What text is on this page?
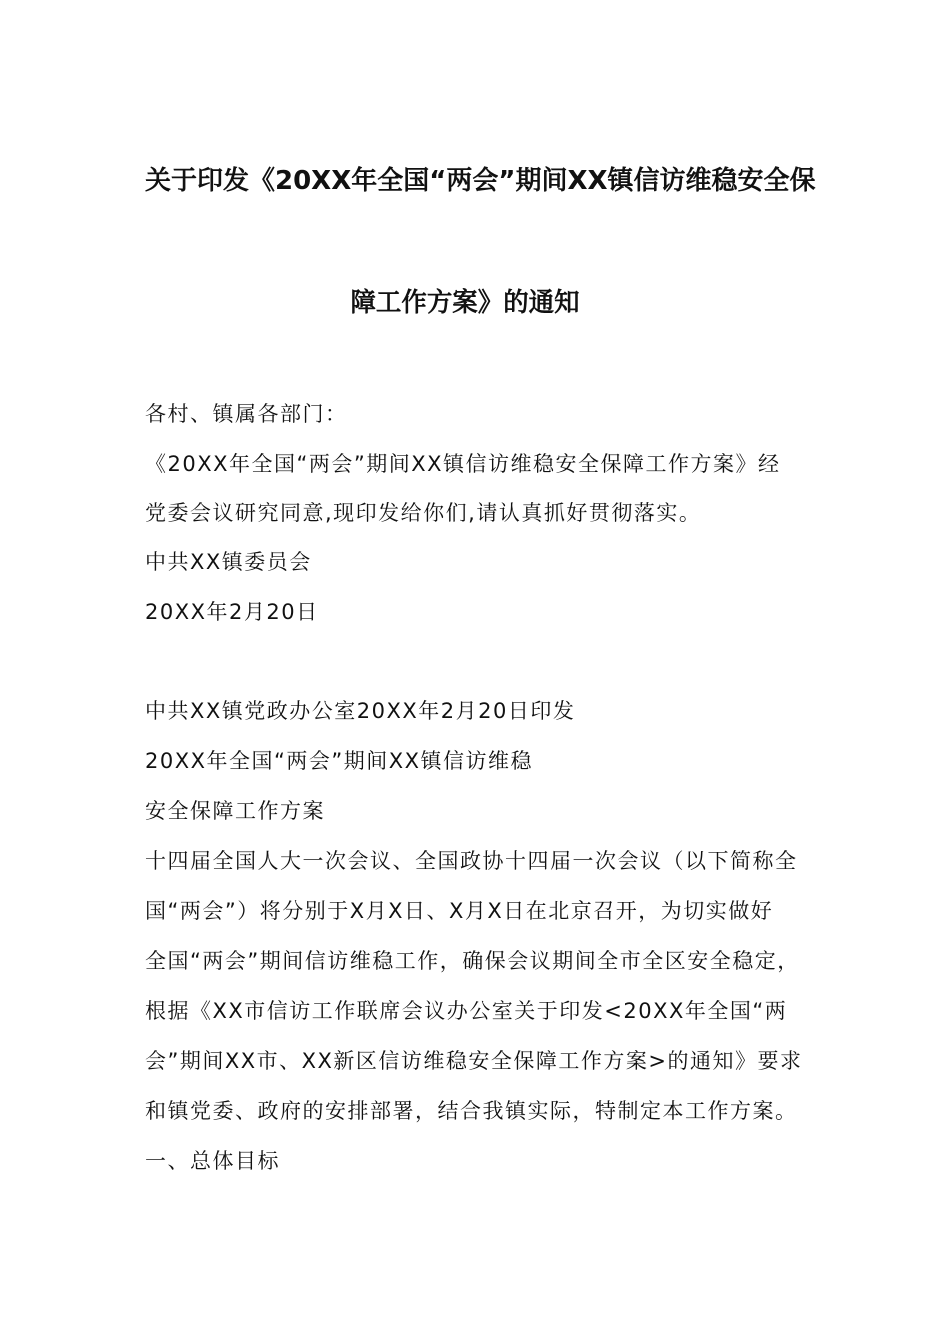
关于印发《20XX年全国“两会”期间XX镇信访维稳安全保
障工作方案》的通知
各村、镇属各部门：
《20XX年全国“两会”期间XX镇信访维稳安全保障工作方案》经
党委会议研究同意,现印发给你们,请认真抓好贯彻落实。
中共XX镇委员会
20XX年2月20日
中共XX镇党政办公室20XX年2月20日印发
20XX年全国“两会”期间XX镇信访维稳
安全保障工作方案
十四届全国人大一次会议、全国政协十四届一次会议（以下简称全
国“两会”）将分别于X月X日、X月X日在北京召开，为切实做好
全国“两会”期间信访维稳工作，确保会议期间全市全区安全稳定，
根据《XX市信访工作联席会议办公室关于印发<20XX年全国“两
会”期间XX市、XX新区信访维稳安全保障工作方案>的通知》要求
和镇党委、政府的安排部署，结合我镇实际，特制定本工作方案。
一、总体目标
